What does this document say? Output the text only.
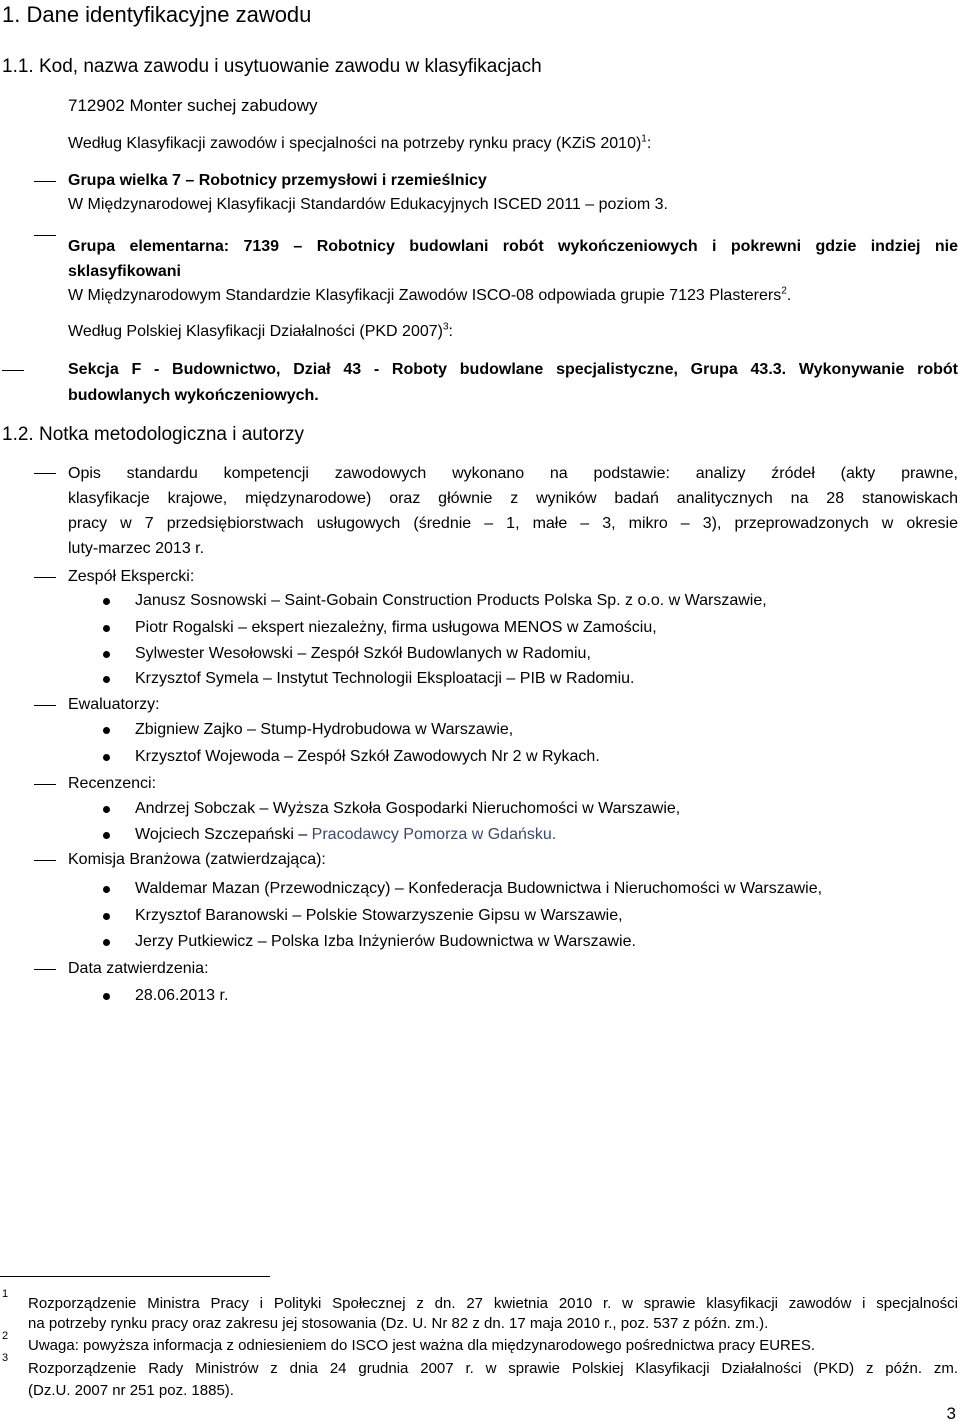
1. Dane identyfikacyjne zawodu
1.1. Kod, nazwa zawodu i usytuowanie zawodu w klasyfikacjach
712902 Monter suchej zabudowy
Według Klasyfikacji zawodów i specjalności na potrzeby rynku pracy (KZiS 2010)$^1$:
Grupa wielka 7 – Robotnicy przemysłowi i rzemieślnicy
W Międzynarodowej Klasyfikacji Standardów Edukacyjnych ISCED 2011 – poziom 3.
Grupa elementarna: 7139 – Robotnicy budowlani robót wykończeniowych i pokrewni gdzie indziej nie
sklasyfikowani
W Międzynarodowym Standardzie Klasyfikacji Zawodów ISCO-08 odpowiada grupie 7123 Plasterers$^2$.
Według Polskiej Klasyfikacji Działalności (PKD 2007)$^3$:
Sekcja F - Budownictwo, Dział 43 - Roboty budowlane specjalistyczne, Grupa 43.3. Wykonywanie robót
budowlanych wykończeniowych.
1.2. Notka metodologiczna i autorzy
Opis standardu kompetencji zawodowych wykonano na podstawie: analizy źródeł (akty prawne,
klasyfikacje krajowe, międzynarodowe) oraz głównie z wyników badań analitycznych na 28 stanowiskach
pracy w 7 przedsiębiorstwach usługowych (średnie – 1, małe – 3, mikro – 3), przeprowadzonych w okresie
luty-marzec 2013 r.
Zespół Ekspercki:
Janusz Sosnowski – Saint-Gobain Construction Products Polska Sp. z o.o. w Warszawie,
Piotr Rogalski – ekspert niezależny, firma usługowa MENOS w Zamościu,
Sylwester Wesołowski – Zespół Szkół Budowlanych w Radomiu,
Krzysztof Symela – Instytut Technologii Eksploatacji – PIB w Radomiu.
Ewaluatorzy:
Zbigniew Zajko – Stump-Hydrobudowa w Warszawie,
Krzysztof Wojewoda – Zespół Szkół Zawodowych Nr 2 w Rykach.
Recenzenci:
Andrzej Sobczak – Wyższa Szkoła Gospodarki Nieruchomości w Warszawie,
Wojciech Szczepański – Pracodawcy Pomorza w Gdańsku.
Komisja Branżowa (zatwierdzająca):
Waldemar Mazan (Przewodniczący) – Konfederacja Budownictwa i Nieruchomości w Warszawie,
Krzysztof Baranowski – Polskie Stowarzyszenie Gipsu w Warszawie,
Jerzy Putkiewicz – Polska Izba Inżynierów Budownictwa w Warszawie.
Data zatwierdzenia:
28.06.2013 r.
1
Rozporządzenie Ministra Pracy i Polityki Społecznej z dn. 27 kwietnia 2010 r. w sprawie klasyfikacji zawodów i specjalności
na potrzeby rynku pracy oraz zakresu jej stosowania (Dz. U. Nr 82 z dn. 17 maja 2010 r., poz. 537 z późn. zm.).
2
Uwaga: powyższa informacja z odniesieniem do ISCO jest ważna dla międzynarodowego pośrednictwa pracy EURES.
3
Rozporządzenie Rady Ministrów z dnia 24 grudnia 2007 r. w sprawie Polskiej Klasyfikacji Działalności (PKD) z późn. zm.
(Dz.U. 2007 nr 251 poz. 1885).
3
